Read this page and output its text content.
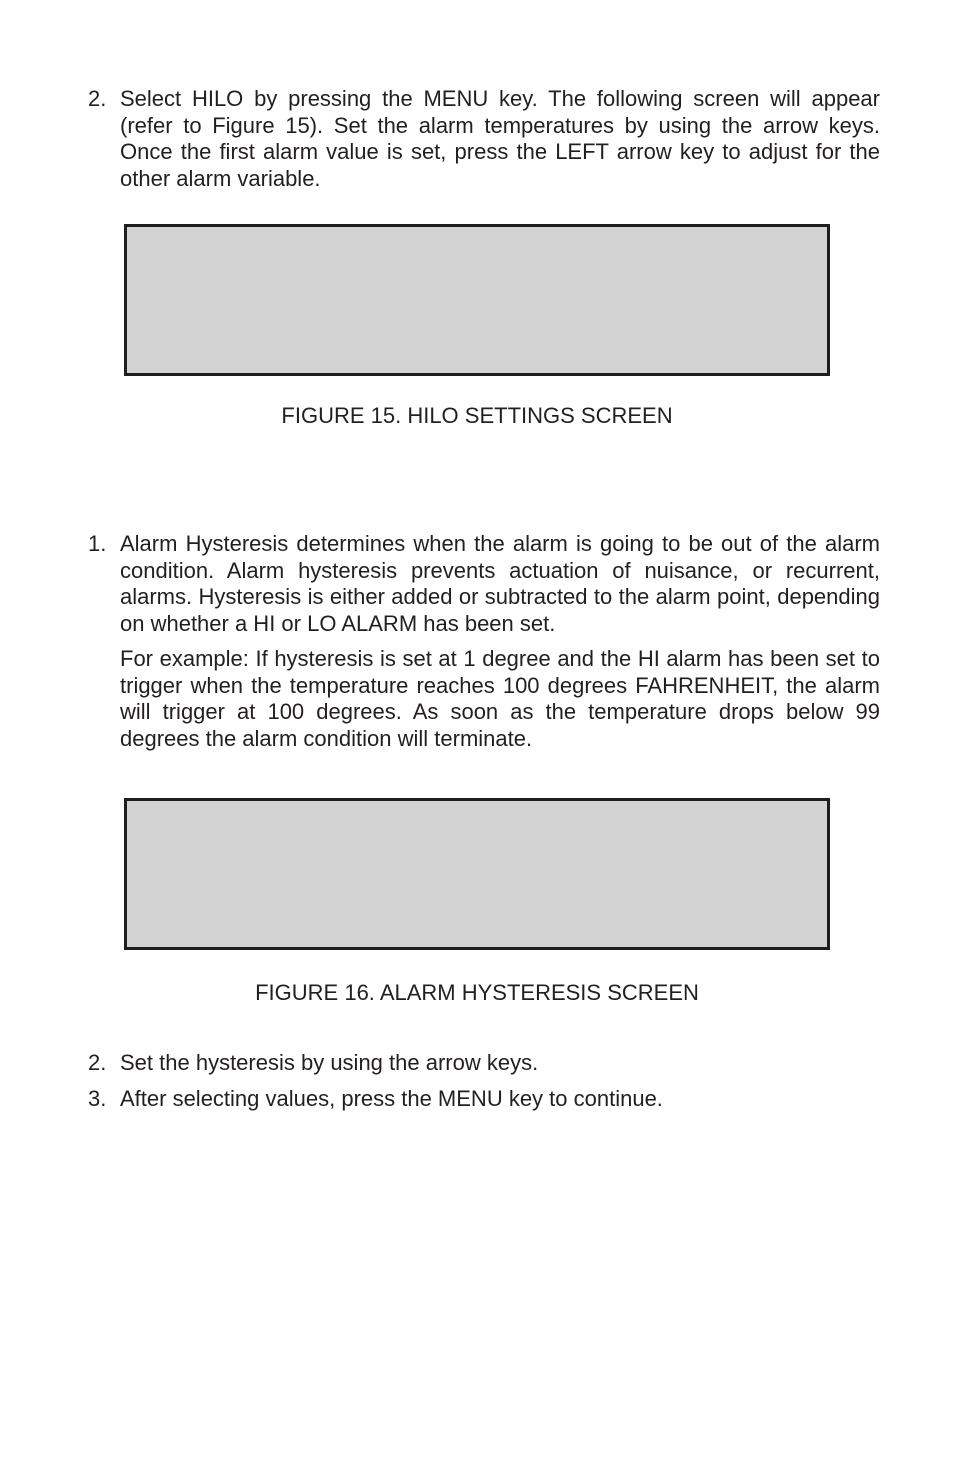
2. Select HILO by pressing the MENU key. The following screen will appear (refer to Figure 15). Set the alarm temperatures by using the arrow keys. Once the first alarm value is set, press the LEFT arrow key to adjust for the other alarm variable.
FIGURE 15. HILO SETTINGS SCREEN
1. Alarm Hysteresis determines when the alarm is going to be out of the alarm condition. Alarm hysteresis prevents actuation of nuisance, or recurrent, alarms. Hysteresis is either added or subtracted to the alarm point, depending on whether a HI or LO ALARM has been set.
For example: If hysteresis is set at 1 degree and the HI alarm has been set to trigger when the temperature reaches 100 degrees FAHRENHEIT, the alarm will trigger at 100 degrees. As soon as the temperature drops below 99 degrees the alarm condition will terminate.
FIGURE 16. ALARM HYSTERESIS SCREEN
2. Set the hysteresis by using the arrow keys.
3. After selecting values, press the MENU key to continue.
